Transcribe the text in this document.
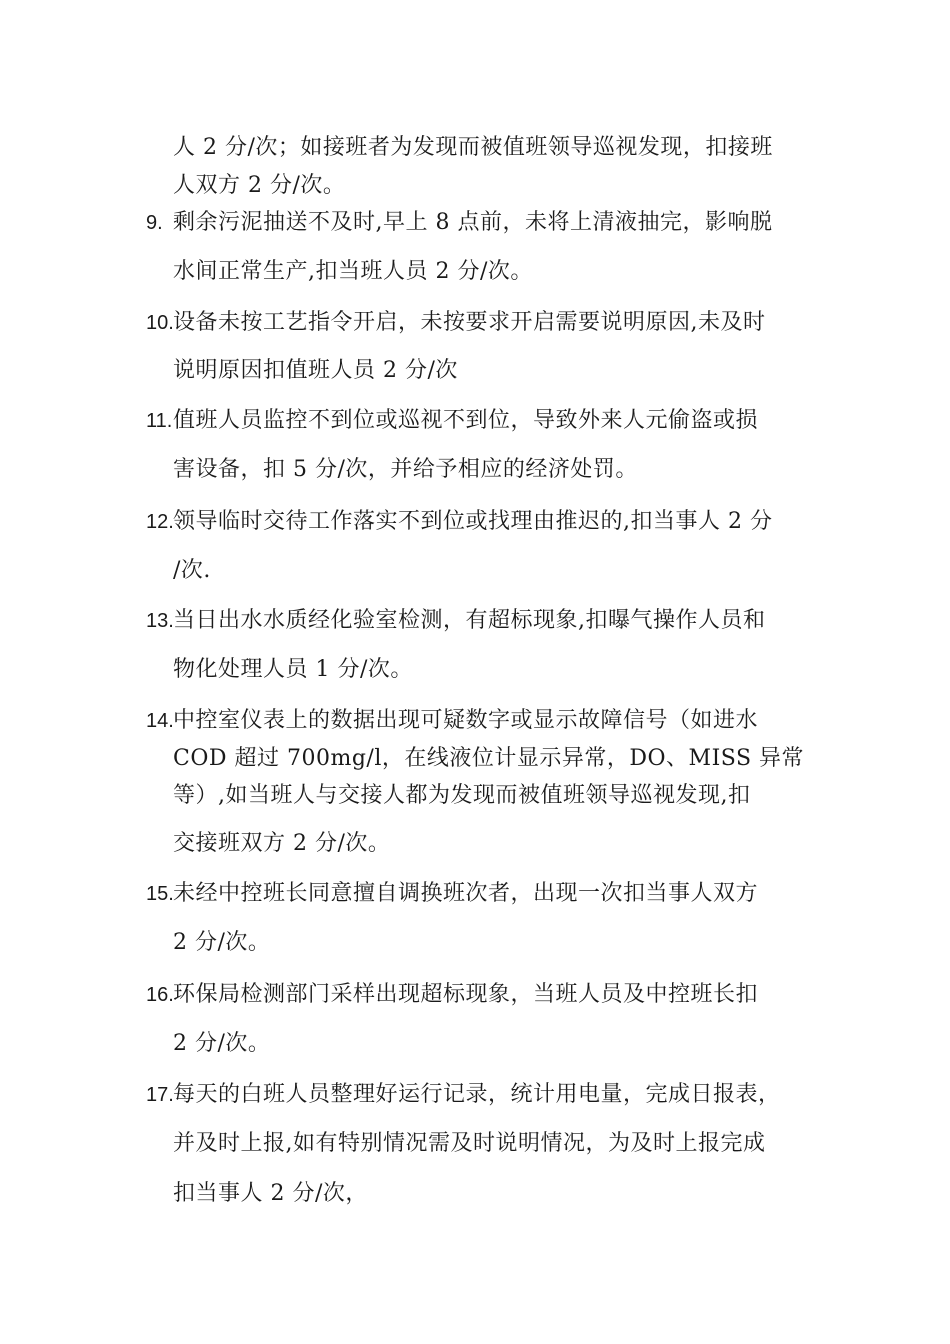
人 2 分/次；如接班者为发现而被值班领导巡视发现，扣接班
人双方 2 分/次。
9. 剩余污泥抽送不及时,早上 8 点前，未将上清液抽完，影响脱
水间正常生产,扣当班人员 2 分/次。
10. 设备未按工艺指令开启，未按要求开启需要说明原因,未及时
说明原因扣值班人员 2 分/次
11. 值班人员监控不到位或巡视不到位，导致外来人元偷盗或损
害设备，扣 5 分/次，并给予相应的经济处罚。
12. 领导临时交待工作落实不到位或找理由推迟的,扣当事人 2 分
/次.
13. 当日出水水质经化验室检测，有超标现象,扣曝气操作人员和
物化处理人员 1 分/次。
14. 中控室仪表上的数据出现可疑数字或显示故障信号（如进水
COD 超过 700mg/l，在线液位计显示异常，DO、MISS 异常
等）,如当班人与交接人都为发现而被值班领导巡视发现,扣
交接班双方 2 分/次。
15. 未经中控班长同意擅自调换班次者，出现一次扣当事人双方
2 分/次。
16. 环保局检测部门采样出现超标现象，当班人员及中控班长扣
2 分/次。
17. 每天的白班人员整理好运行记录，统计用电量，完成日报表，
并及时上报,如有特别情况需及时说明情况，为及时上报完成
扣当事人 2 分/次，
